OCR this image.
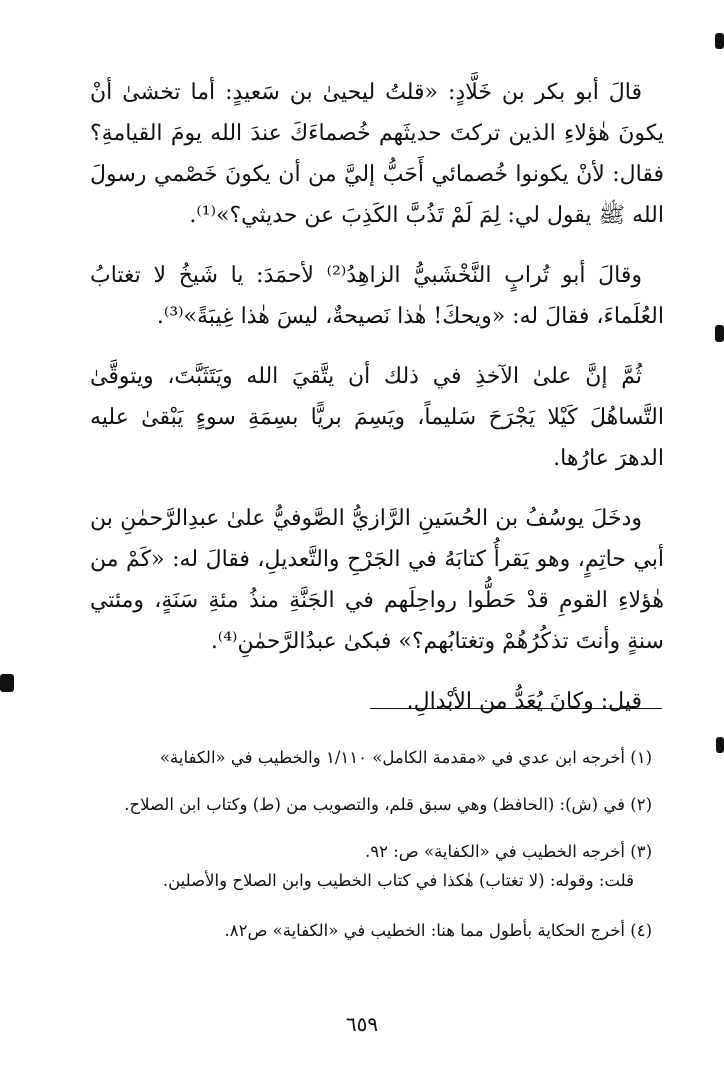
قالَ أبو بكر بن خَلَّادٍ: «قلتُ ليحيىٰ بن سَعيدٍ: أما تخشىٰ أنْ يكونَ هٰؤلاءِ الذين تركتَ حديثَهم خُصماءَكَ عندَ الله يومَ القيامةِ؟ فقال: لأنْ يكونوا خُصمائي أَحَبُّ إليَّ من أن يكونَ خَصْمي رسولَ الله ﷺ يقول لي: لِمَ لَمْ تَذُبَّ الكَذِبَ عن حديثي؟»⁽¹⁾.

وقالَ أبو تُرابٍ النَّخْشَبيُّ الزاهِدُ⁽²⁾ لأحمَدَ: يا شَيخُ لا تغتابُ العُلَماءَ، فقالَ له: «ويحكَ! هٰذا نَصيحةٌ، ليسَ هٰذا غِيبَةً»⁽³⁾.

ثُمَّ إنَّ علىٰ الآخذِ في ذلك أن يتَّقيَ الله ويَتَثَبَّتَ، ويتوقَّىٰ التَّساهُلَ كَيْلا يَجْرَحَ سَليماً، ويَسِمَ بريًّا بسِمَةِ سوءٍ يَبْقىٰ عليه الدهرَ عارُها.

ودخَلَ يوسُفُ بن الحُسَينِ الرَّازيُّ الصَّوفيُّ علىٰ عبدِالرَّحمٰنِ بن أبي حاتِمٍ، وهو يَقرأُ كتابَهُ في الجَرْحِ والتَّعديلِ، فقالَ له: «كَمْ من هٰؤلاءِ القومِ قدْ حَطُّوا رواحِلَهم في الجَنَّةِ منذُ مئةِ سَنَةٍ، ومئتي سنةٍ وأنتَ تذكُرُهُمْ وتغتابُهم؟» فبكىٰ عبدُالرَّحمٰنِ⁽⁴⁾.

قيل: وكانَ يُعَدُّ من الأبْدالِ.

(١) أخرجه ابن عدي في «مقدمة الكامل» ١/١١٠ والخطيب في «الكفاية»

(٢) في (ش): (الحافظ) وهي سبق قلم، والتصويب من (ط) وكتاب ابن الصلاح.

(٣) أخرجه الخطيب في «الكفاية» ص: ٩٢.

قلت: وقوله: (لا تغتاب) هٰكذا في كتاب الخطيب وابن الصلاح والأصلين.

(٤) أخرج الحكاية بأطول مما هنا: الخطيب في «الكفاية» ص٨٢.

٦٥٩
